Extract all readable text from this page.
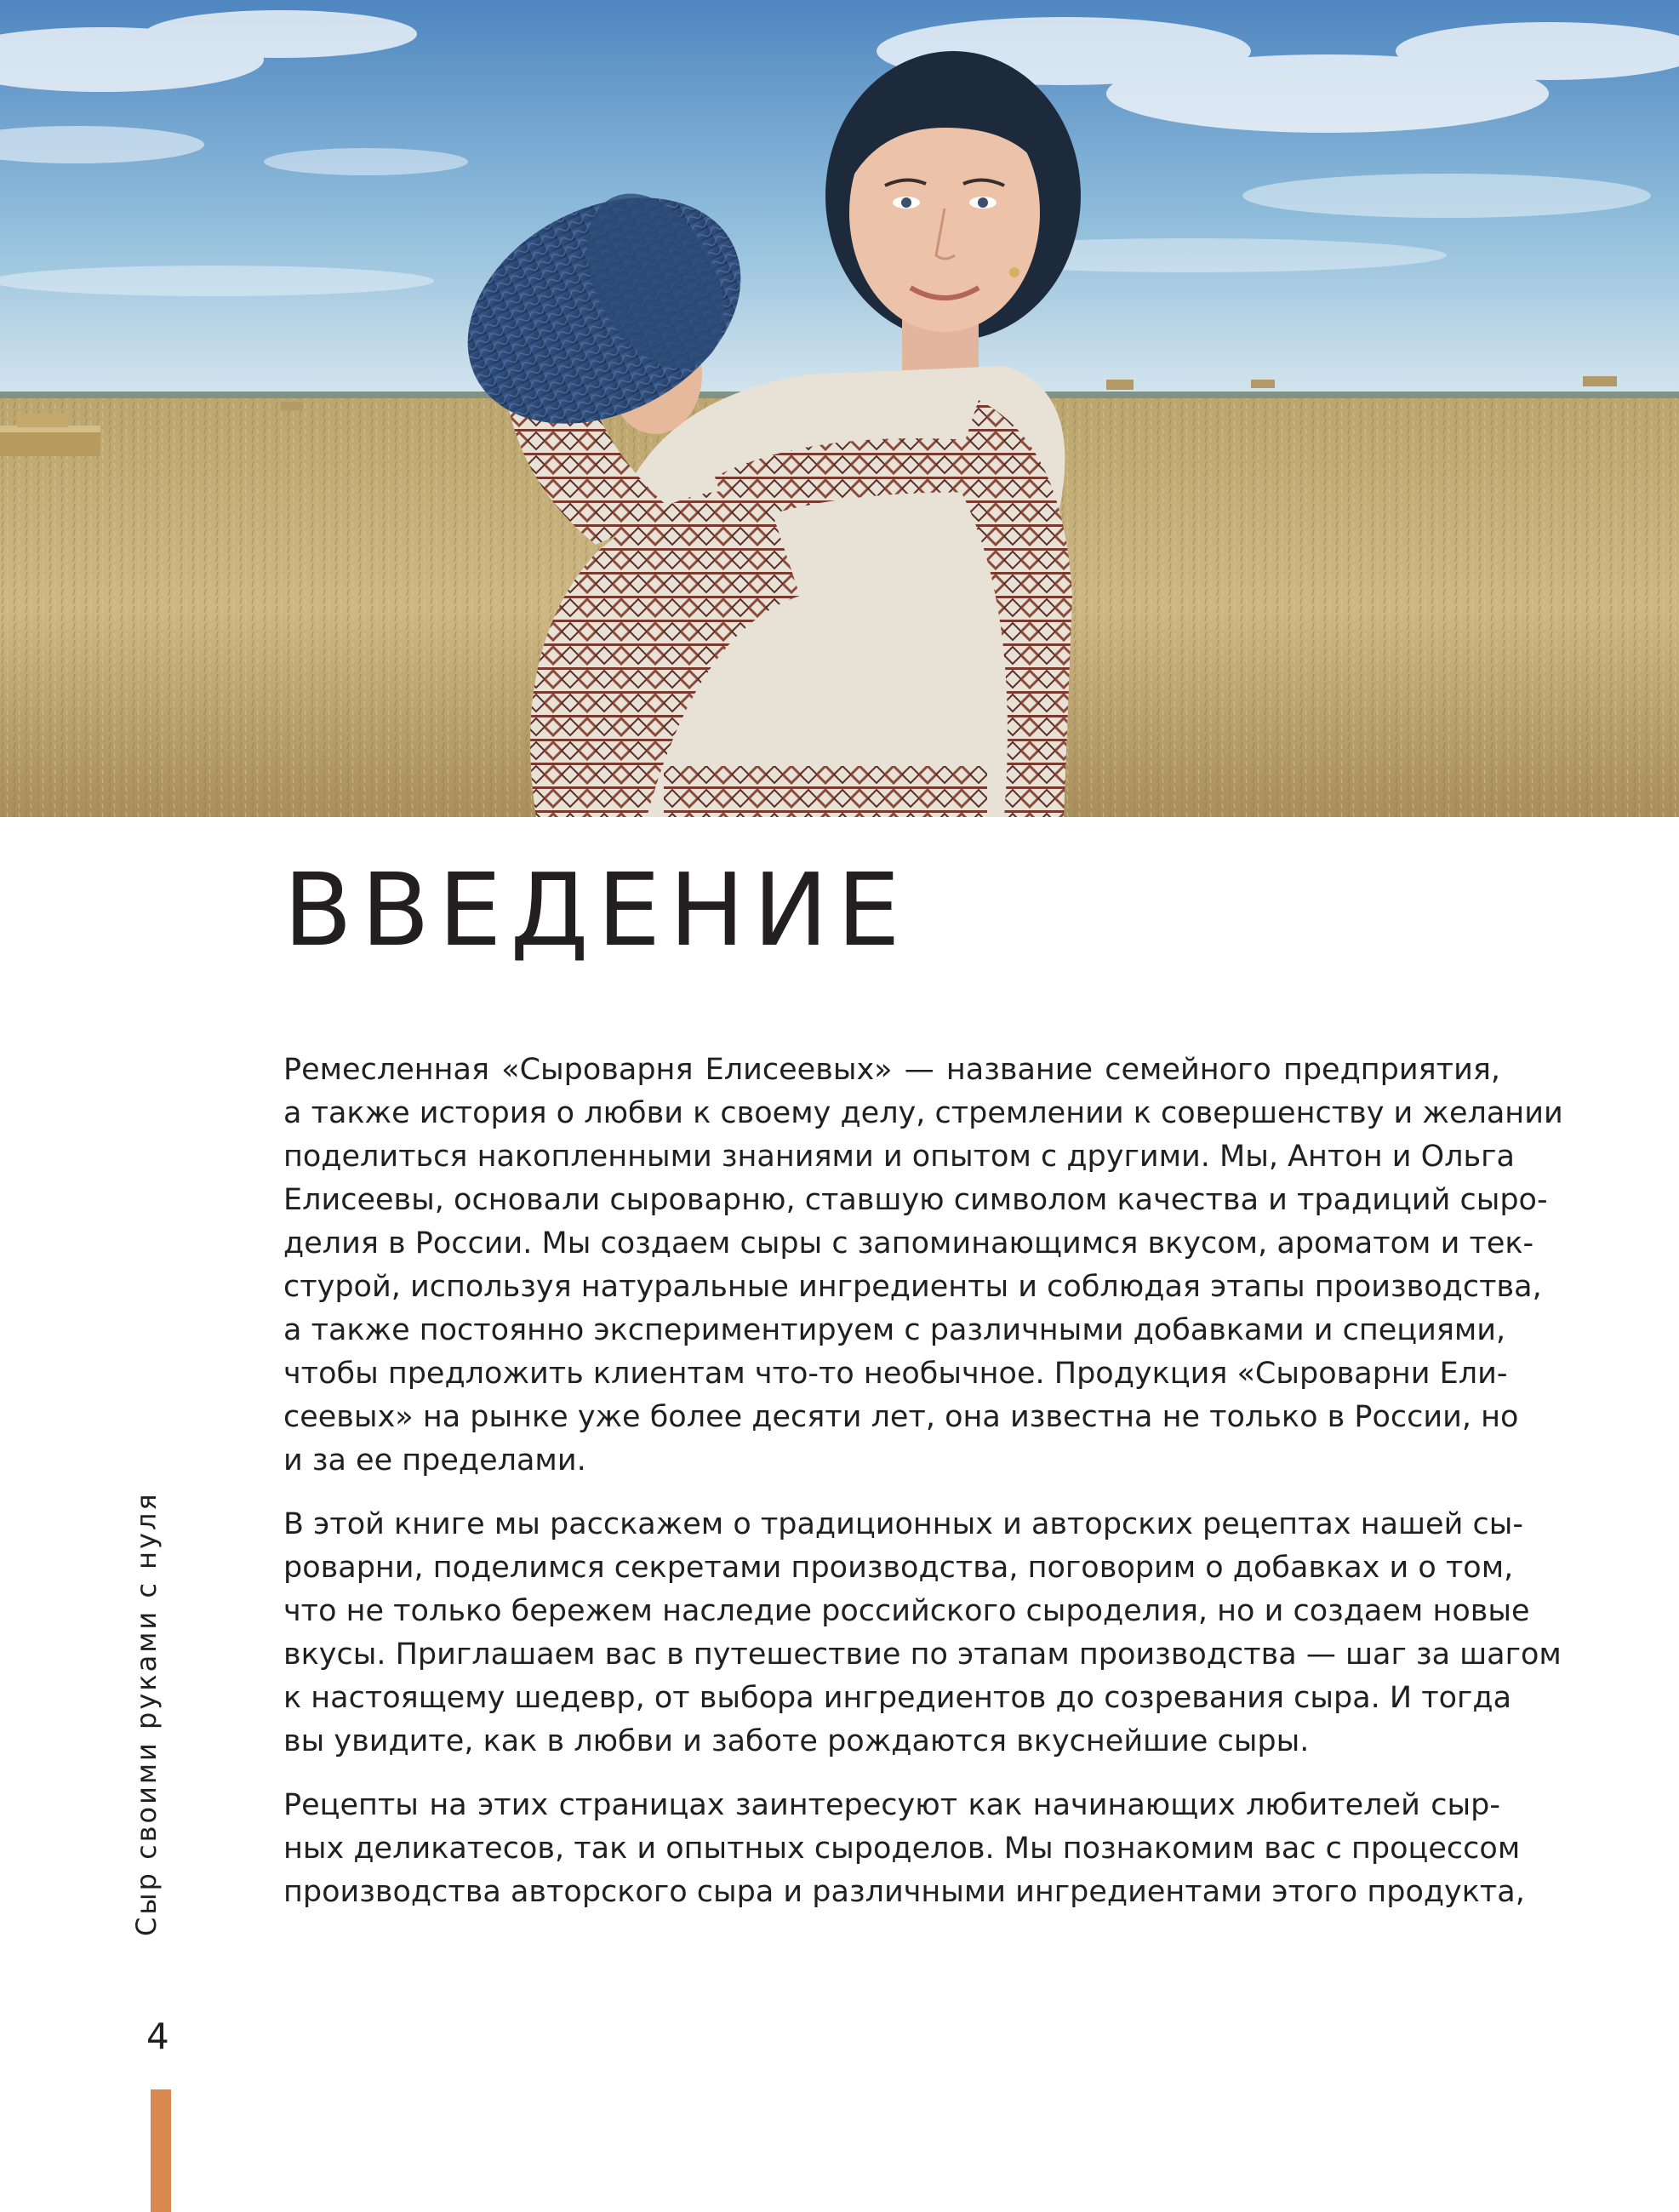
ВВЕДЕНИЕ
Ремесленная «Сыроварня Елисеевых» — название семейного предприятия,
а также история о любви к своему делу, стремлении к совершенству и желании
поделиться накопленными знаниями и опытом с другими. Мы, Антон и Ольга
Елисеевы, основали сыроварню, ставшую символом качества и традиций сыро-
делия в России. Мы создаем сыры с запоминающимся вкусом, ароматом и тек-
стурой, используя натуральные ингредиенты и соблюдая этапы производства,
а также постоянно экспериментируем с различными добавками и специями,
чтобы предложить клиентам что-то необычное. Продукция «Сыроварни Ели-
сеевых» на рынке уже более десяти лет, она известна не только в России, но
и за ее пределами.
В этой книге мы расскажем о традиционных и авторских рецептах нашей сы-
роварни, поделимся секретами производства, поговорим о добавках и о том,
что не только бережем наследие российского сыроделия, но и создаем новые
вкусы. Приглашаем вас в путешествие по этапам производства — шаг за шагом
к настоящему шедевр, от выбора ингредиентов до созревания сыра. И тогда
вы увидите, как в любви и заботе рождаются вкуснейшие сыры.
Рецепты на этих страницах заинтересуют как начинающих любителей сыр-
ных деликатесов, так и опытных сыроделов. Мы познакомим вас с процессом
производства авторского сыра и различными ингредиентами этого продукта,
Сыр своими руками с нуля
4
